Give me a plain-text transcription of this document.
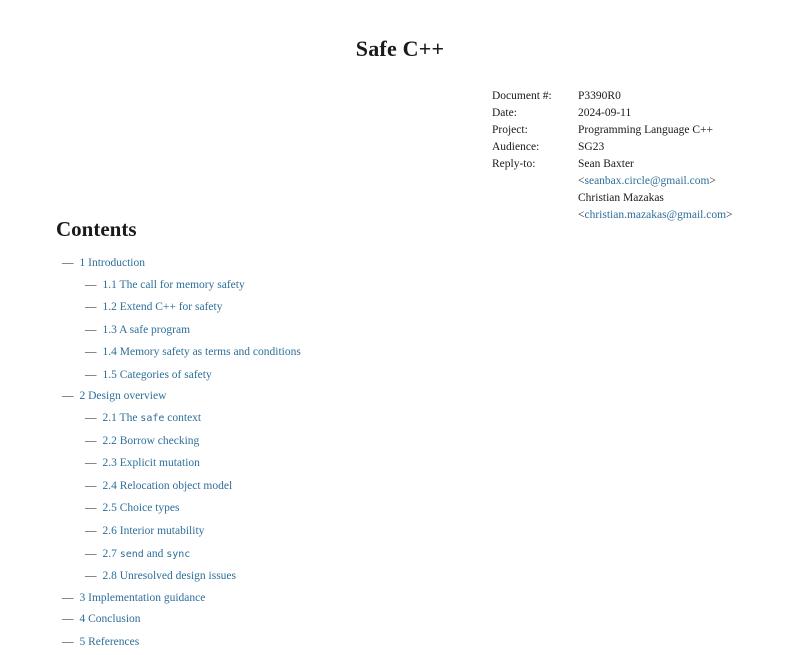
Safe C++
Document #:	P3390R0
Date:	2024-09-11
Project:	Programming Language C++
Audience:	SG23
Reply-to:	Sean Baxter
<seanbax.circle@gmail.com>
Christian Mazakas
<christian.mazakas@gmail.com>
Contents
— 1 Introduction
— 1.1 The call for memory safety
— 1.2 Extend C++ for safety
— 1.3 A safe program
— 1.4 Memory safety as terms and conditions
— 1.5 Categories of safety
— 2 Design overview
— 2.1 The safe context
— 2.2 Borrow checking
— 2.3 Explicit mutation
— 2.4 Relocation object model
— 2.5 Choice types
— 2.6 Interior mutability
— 2.7 send and sync
— 2.8 Unresolved design issues
— 3 Implementation guidance
— 4 Conclusion
— 5 References
